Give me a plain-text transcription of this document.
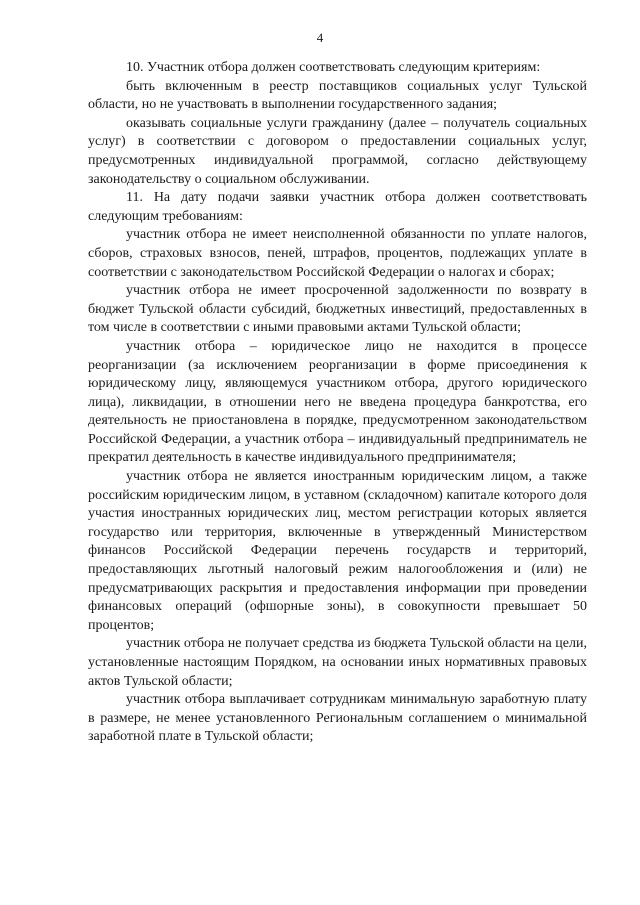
4

10. Участник отбора должен соответствовать следующим критериям:

быть включенным в реестр поставщиков социальных услуг Тульской области, но не участвовать в выполнении государственного задания;

оказывать социальные услуги гражданину (далее – получатель социальных услуг) в соответствии с договором о предоставлении социальных услуг, предусмотренных индивидуальной программой, согласно действующему законодательству о социальном обслуживании.

11. На дату подачи заявки участник отбора должен соответствовать следующим требованиям:

участник отбора не имеет неисполненной обязанности по уплате налогов, сборов, страховых взносов, пеней, штрафов, процентов, подлежащих уплате в соответствии с законодательством Российской Федерации о налогах и сборах;

участник отбора не имеет просроченной задолженности по возврату в бюджет Тульской области субсидий, бюджетных инвестиций, предоставленных в том числе в соответствии с иными правовыми актами Тульской области;

участник отбора – юридическое лицо не находится в процессе реорганизации (за исключением реорганизации в форме присоединения к юридическому лицу, являющемуся участником отбора, другого юридического лица), ликвидации, в отношении него не введена процедура банкротства, его деятельность не приостановлена в порядке, предусмотренном законодательством Российской Федерации, а участник отбора – индивидуальный предприниматель не прекратил деятельность в качестве индивидуального предпринимателя;

участник отбора не является иностранным юридическим лицом, а также российским юридическим лицом, в уставном (складочном) капитале которого доля участия иностранных юридических лиц, местом регистрации которых является государство или территория, включенные в утвержденный Министерством финансов Российской Федерации перечень государств и территорий, предоставляющих льготный налоговый режим налогообложения и (или) не предусматривающих раскрытия и предоставления информации при проведении финансовых операций (офшорные зоны), в совокупности превышает 50 процентов;

участник отбора не получает средства из бюджета Тульской области на цели, установленные настоящим Порядком, на основании иных нормативных правовых актов Тульской области;

участник отбора выплачивает сотрудникам минимальную заработную плату в размере, не менее установленного Региональным соглашением о минимальной заработной плате в Тульской области;
